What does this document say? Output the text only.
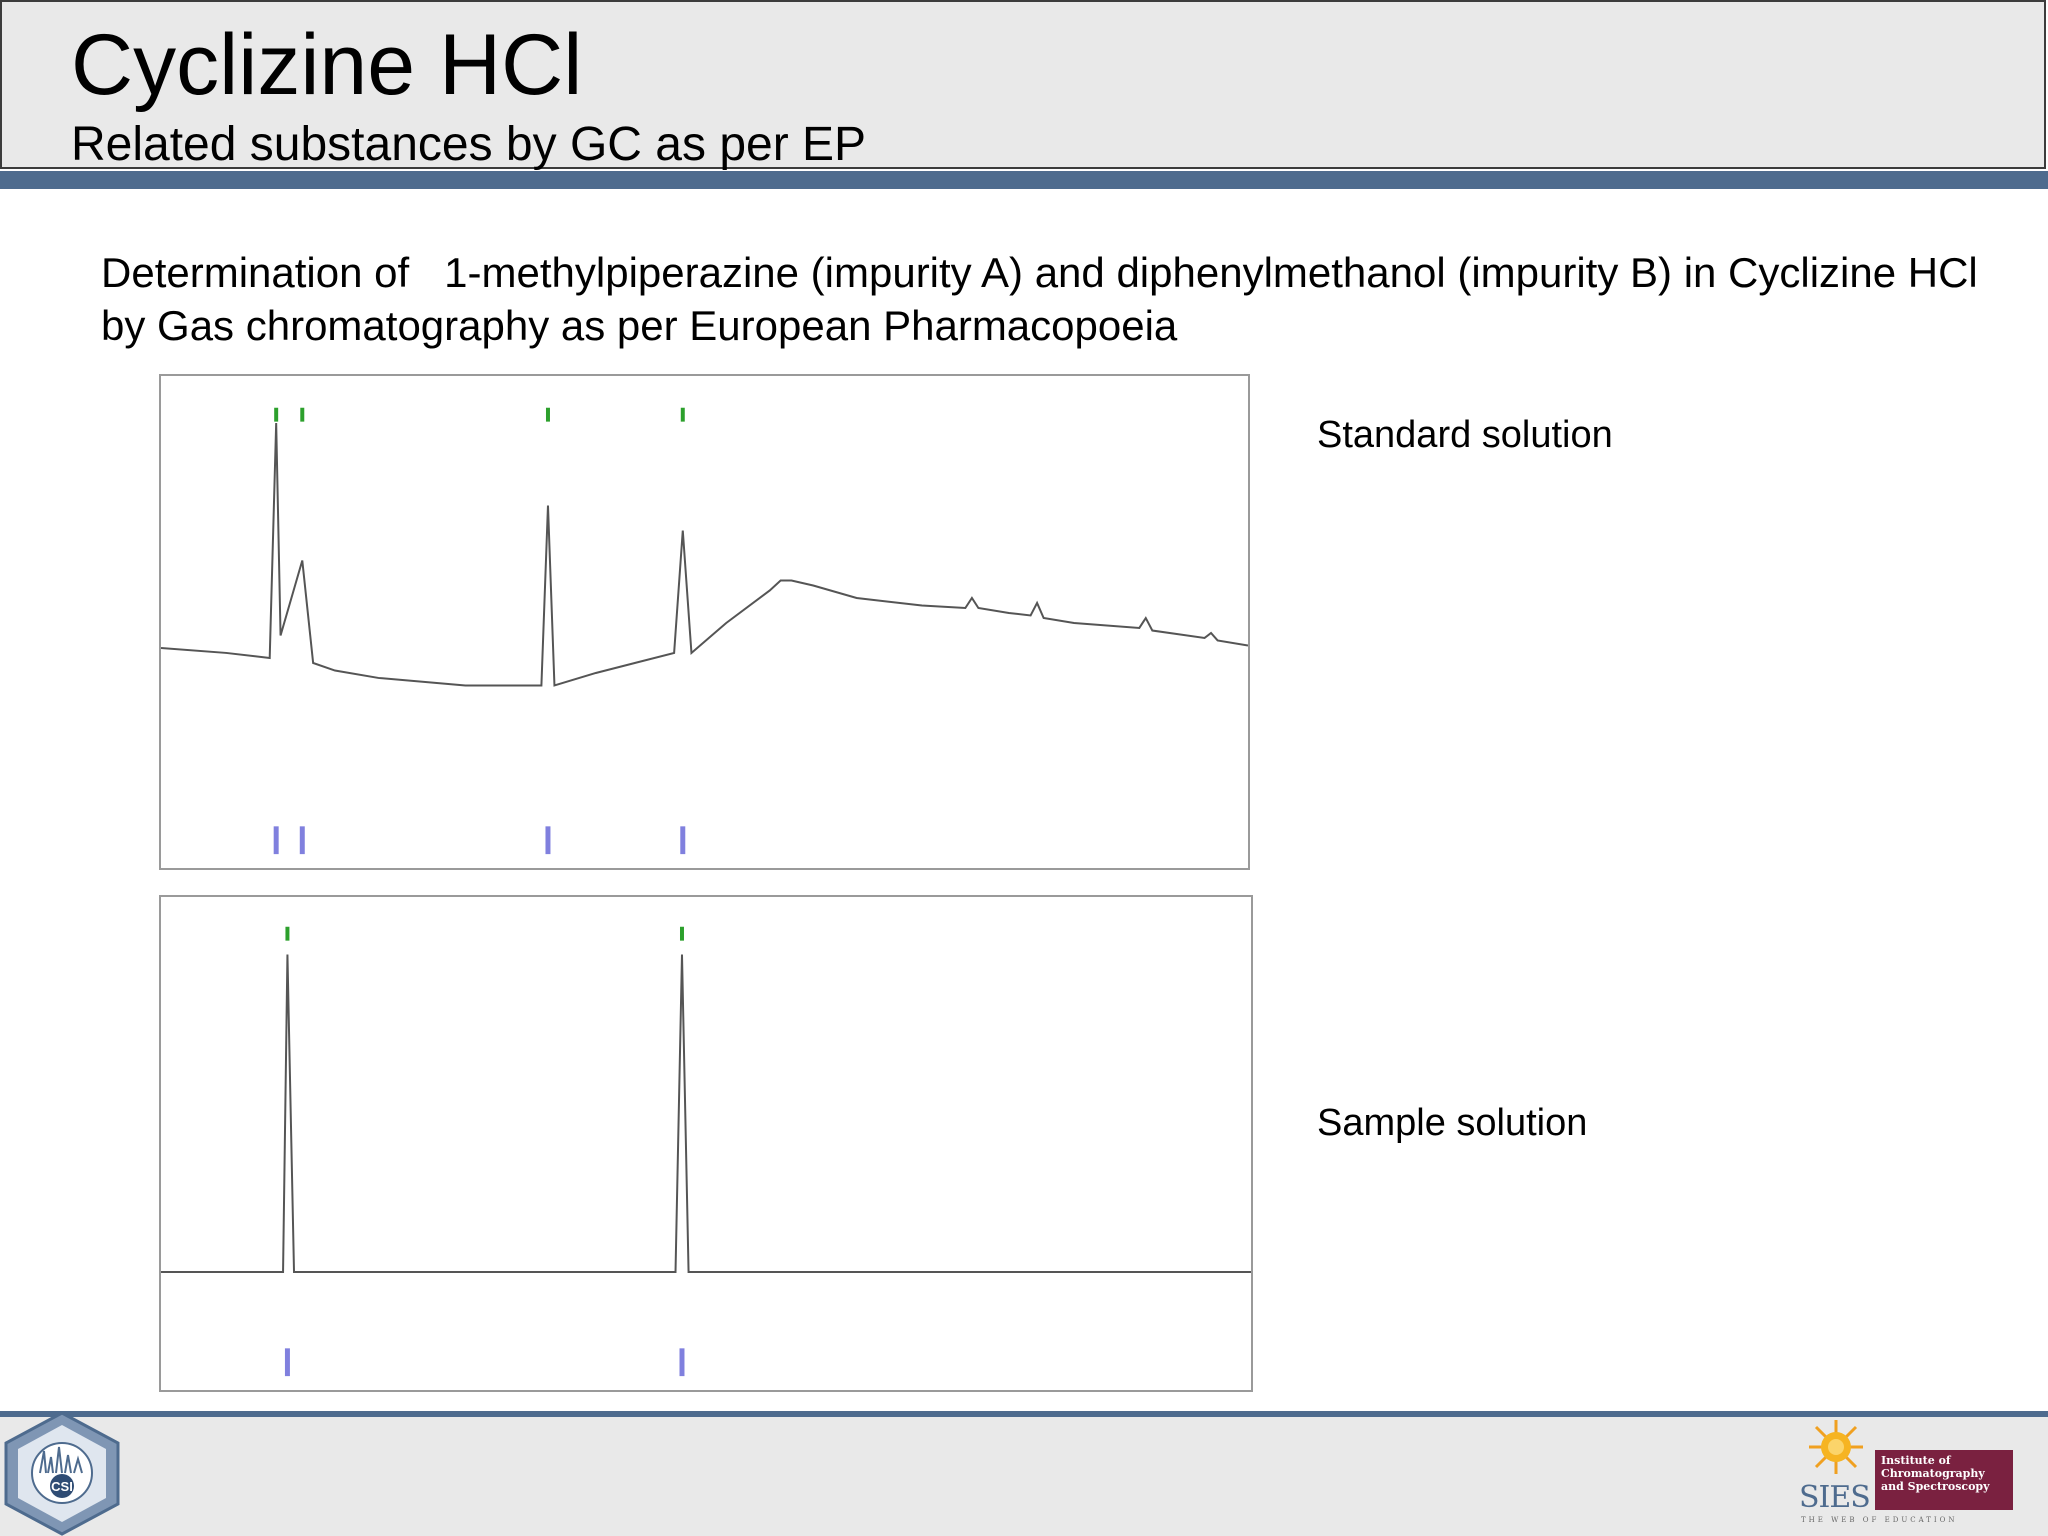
Cyclizine HCl
Related substances by GC as per EP
Determination of   1-methylpiperazine (impurity A) and diphenylmethanol (impurity B) in Cyclizine HCl by Gas chromatography as per European Pharmacopoeia
Standard solution
Sample solution
CSI	SIES
Institute of Chromatography and Spectroscopy
THE WEB OF EDUCATION
